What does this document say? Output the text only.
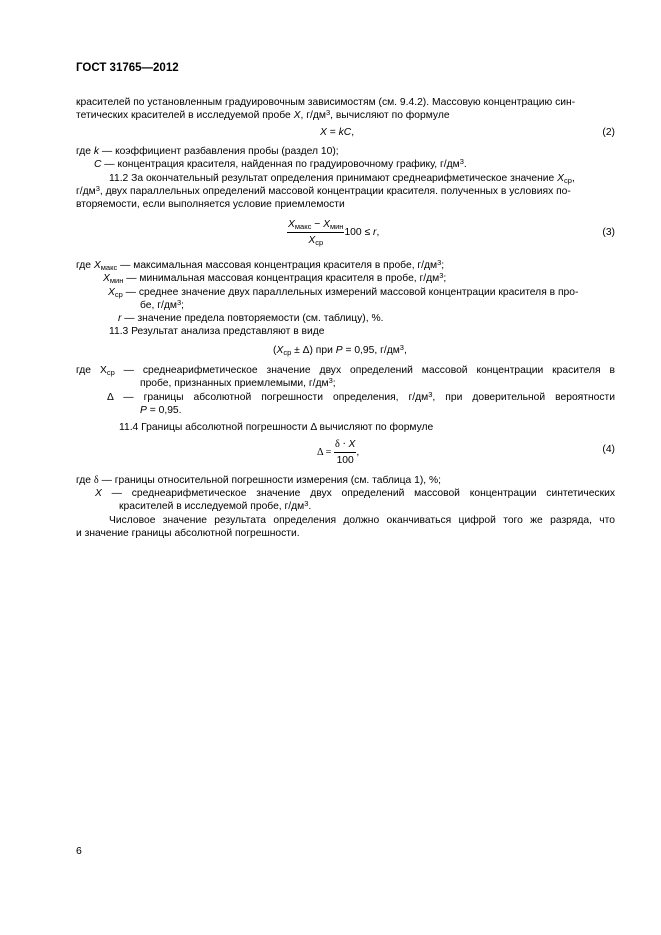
ГОСТ 31765—2012
красителей по установленным градуировочным зависимостям (см. 9.4.2). Массовую концентрацию син-
тетических красителей в исследуемой пробе X, $г/дм^3$, вычисляют по формуле
X = kC,	(2)
где k — коэффициент разбавления пробы (раздел 10);
C — концентрация красителя, найденная по градуировочному графику, $г/дм^3$.
11.2 За окончательный результат определения принимают среднеарифметическое значение $X_{ср}$,
$г/дм^3$, двух параллельных определений массовой концентрации красителя. полученных в условиях по-
вторяемости, если выполняется условие приемлемости
$\frac{X_{макс} - X_{мин}}{X_{ср}} 100 \le r$,	(3)
где $X_{макс}$ — максимальная массовая концентрация красителя в пробе, $г/дм^3$;
$X_{мин}$ — минимальная массовая концентрация красителя в пробе, $г/дм^3$;
$X_{ср}$ — среднее значение двух параллельных измерений массовой концентрации красителя в про-
бе, $г/дм^3$;
r — значение предела повторяемости (см. таблицу), %.
11.3 Результат анализа представляют в виде
$(X_{ср} \pm \Delta)$ при P = 0,95, $г/дм^3$,
где $Х_{ср}$ — среднеарифметическое значение двух определений массовой концентрации красителя в
пробе, признанных приемлемыми, $г/дм^3$;
Δ — границы абсолютной погрешности определения, $г/дм^3$, при доверительной вероятности
P = 0,95.
11.4 Границы абсолютной погрешности Δ вычисляют по формуле
$\Delta = \frac{\delta \cdot X}{100}$ ,	(4)
где δ — границы относительной погрешности измерения (см. таблица 1), %;
X — среднеарифметическое значение двух определений массовой концентрации синтетических
красителей в исследуемой пробе, $г/дм^3$.
Числовое значение результата определения должно оканчиваться цифрой того же разряда, что
и значение границы абсолютной погрешности.
6
